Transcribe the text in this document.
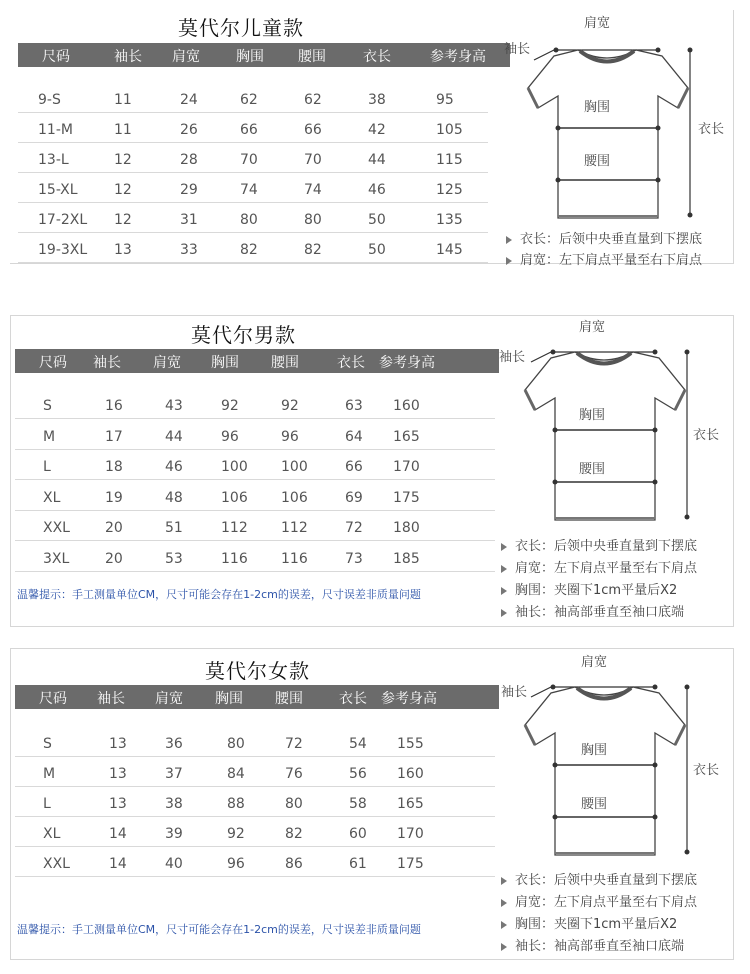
莫代尔儿童款
尺码	袖长 肩宽	胸围 腰围	衣长	参考身高
9-S	11	24	62	62	38	95
11-M	11	26	66	66	42	105
13-L	12	28	70	70	44	115
15-XL	12	29	74	74	46	125
17-2XL 12	31	80	80	50	135
19-3XL 13	33	82	82	50	145
肩宽
袖长
衣长
胸围
腰围
衣长：后领中央垂直量到下摆底
肩宽：左下肩点平量至右下肩点
莫代尔男款
尺码 袖长 肩宽 胸围 腰围	衣长 参考身高
S	16	43	92	92	63 160
M	17	44	96	96	64 165
L	18	46	100 100	66 170
XL	19	48	106 106	69 175
XXL	20	51	112 112	72 180
3XL	20	53	116 116	73 185
温馨提示：手工测量单位CM，尺寸可能会存在1-2cm的误差，尺寸误差非质量问题
肩宽
袖长
衣长
胸围
腰围
衣长：后领中央垂直量到下摆底
肩宽：左下肩点平量至右下肩点
胸围：夹圈下1cm平量后X2
袖长：袖高部垂直至袖口底端
莫代尔女款
尺码 袖长 肩宽 胸围 腰围	衣长 参考身高
S	13	36	80	72	54 155
M	13	37	84	76	56 160
L	13	38	88	80	58 165
XL	14	39	92	82	60 170
XXL	14	40	96	86	61 175
温馨提示：手工测量单位CM，尺寸可能会存在1-2cm的误差，尺寸误差非质量问题
肩宽
袖长
衣长
胸围
腰围
衣长：后领中央垂直量到下摆底
肩宽：左下肩点平量至右下肩点
胸围：夹圈下1cm平量后X2
袖长：袖高部垂直至袖口底端
